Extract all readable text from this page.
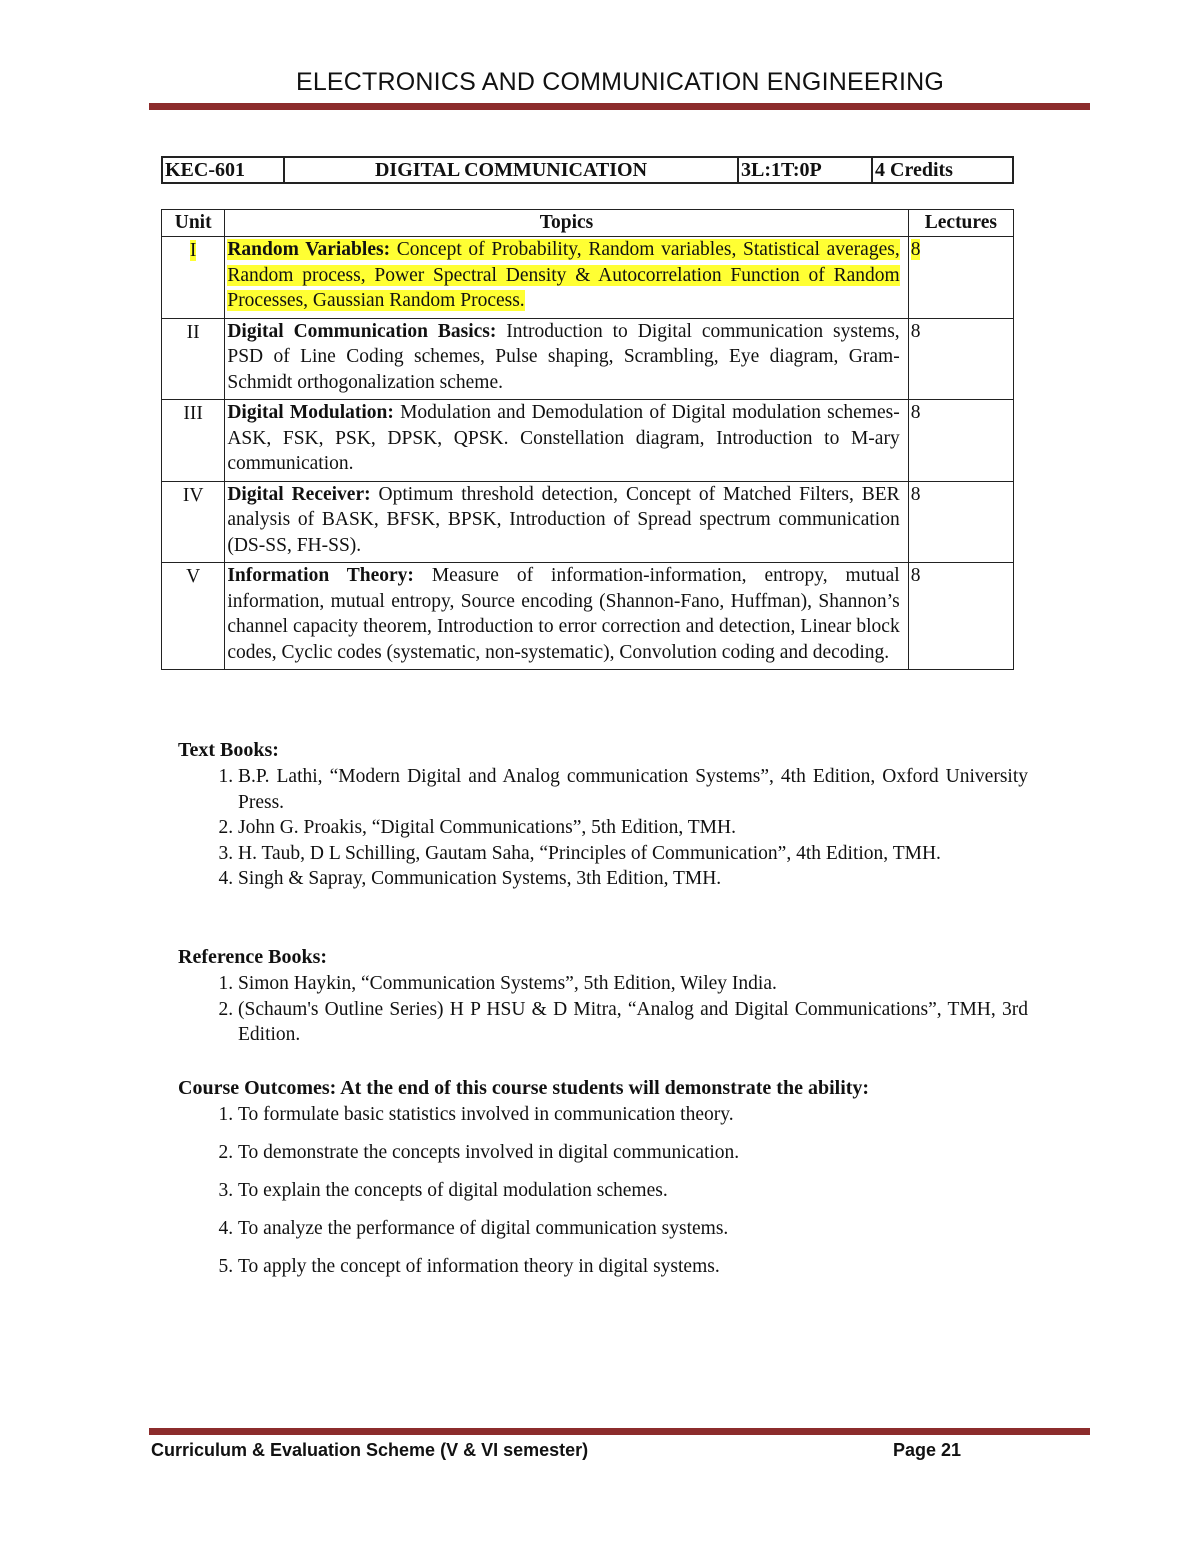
ELECTRONICS AND COMMUNICATION ENGINEERING
KEC-601	DIGITAL COMMUNICATION	3L:1T:0P	4 Credits
Unit	Topics	Lectures
I	Random Variables: Concept of Probability, Random variables, Statistical averages, Random process, Power Spectral Density & Autocorrelation Function of Random Processes, Gaussian Random Process.	8
II	Digital Communication Basics: Introduction to Digital communication systems, PSD of Line Coding schemes, Pulse shaping, Scrambling, Eye diagram, Gram-Schmidt orthogonalization scheme.	8
III	Digital Modulation: Modulation and Demodulation of Digital modulation schemes-ASK, FSK, PSK, DPSK, QPSK. Constellation diagram, Introduction to M-ary communication.	8
IV	Digital Receiver: Optimum threshold detection, Concept of Matched Filters, BER analysis of BASK, BFSK, BPSK, Introduction of Spread spectrum communication (DS-SS, FH-SS).	8
V	Information Theory: Measure of information-information, entropy, mutual information, mutual entropy, Source encoding (Shannon-Fano, Huffman), Shannon’s channel capacity theorem, Introduction to error correction and detection, Linear block codes, Cyclic codes (systematic, non-systematic), Convolution coding and decoding.	8
Text Books:
1. B.P. Lathi, “Modern Digital and Analog communication Systems”, 4th Edition, Oxford University Press.
2. John G. Proakis, “Digital Communications”, 5th Edition, TMH.
3. H. Taub, D L Schilling, Gautam Saha, “Principles of Communication”, 4th Edition, TMH.
4. Singh & Sapray, Communication Systems, 3th Edition, TMH.
Reference Books:
1. Simon Haykin, “Communication Systems”, 5th Edition, Wiley India.
2. (Schaum's Outline Series) H P HSU & D Mitra, “Analog and Digital Communications”, TMH, 3rd Edition.
Course Outcomes: At the end of this course students will demonstrate the ability:
1. To formulate basic statistics involved in communication theory.
2. To demonstrate the concepts involved in digital communication.
3. To explain the concepts of digital modulation schemes.
4. To analyze the performance of digital communication systems.
5. To apply the concept of information theory in digital systems.
Curriculum & Evaluation Scheme (V & VI semester)	Page 21
